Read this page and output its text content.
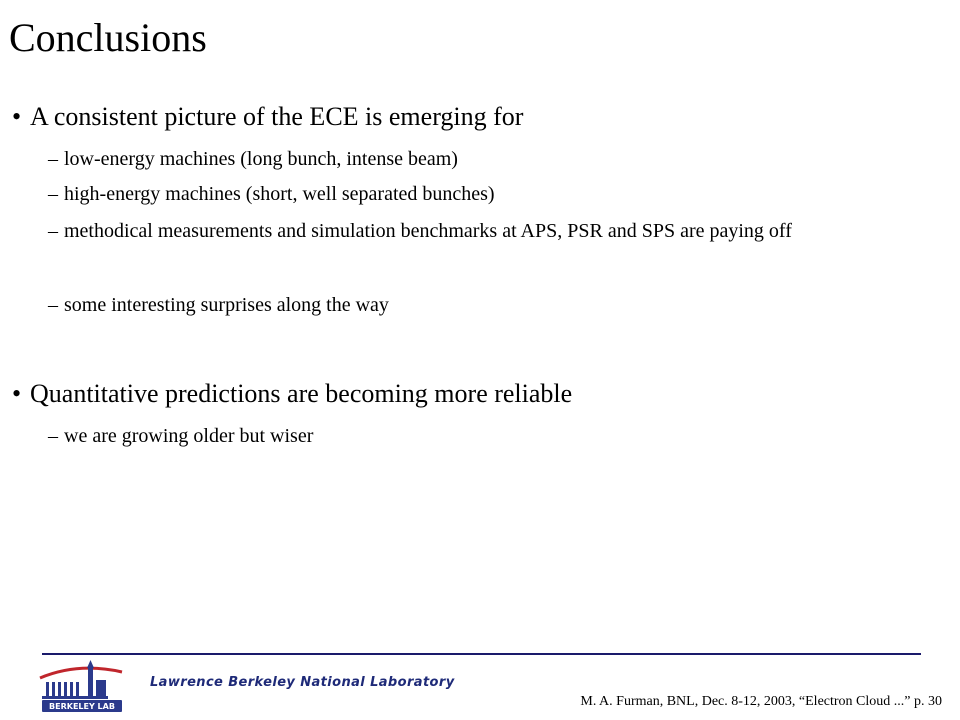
Conclusions
• A consistent picture of the ECE is emerging for
– low-energy machines (long bunch, intense beam)
– high-energy machines (short, well separated bunches)
– methodical measurements and simulation benchmarks at APS, PSR and SPS are paying off
– some interesting surprises along the way
• Quantitative predictions are becoming more reliable
– we are growing older but wiser
BERKELEY LAB
Lawrence Berkeley National Laboratory
M. A. Furman, BNL, Dec. 8-12, 2003, “Electron Cloud ...” p. 30
